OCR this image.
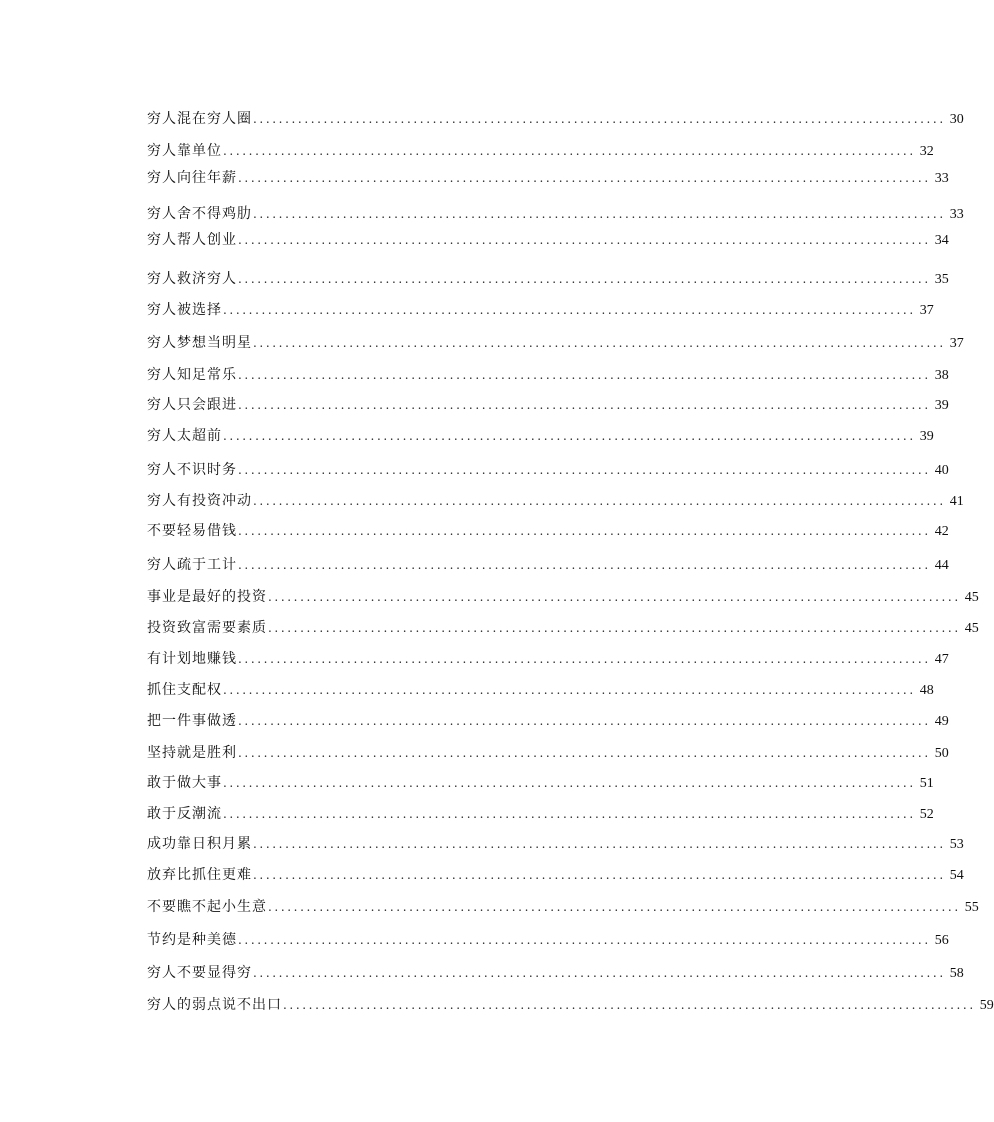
穷人混在穷人圈 ............................................................................................................ 30
穷人靠单位 ............................................................................................................ 32
穷人向往年薪 ............................................................................................................ 33
穷人舍不得鸡肋 ............................................................................................................ 33
穷人帮人创业 ............................................................................................................ 34
穷人救济穷人 ............................................................................................................ 35
穷人被选择 ............................................................................................................ 37
穷人梦想当明星 ............................................................................................................ 37
穷人知足常乐 ............................................................................................................ 38
穷人只会跟进 ............................................................................................................ 39
穷人太超前 ............................................................................................................ 39
穷人不识时务 ............................................................................................................ 40
穷人有投资冲动 ............................................................................................................ 41
不要轻易借钱 ............................................................................................................ 42
穷人疏于工计 ............................................................................................................ 44
事业是最好的投资 ............................................................................................................ 45
投资致富需要素质 ............................................................................................................ 45
有计划地赚钱 ............................................................................................................ 47
抓住支配权 ............................................................................................................ 48
把一件事做透 ............................................................................................................ 49
坚持就是胜利 ............................................................................................................ 50
敢于做大事 ............................................................................................................ 51
敢于反潮流 ............................................................................................................ 52
成功靠日积月累 ............................................................................................................ 53
放弃比抓住更难 ............................................................................................................ 54
不要瞧不起小生意 ............................................................................................................ 55
节约是种美德 ............................................................................................................ 56
穷人不要显得穷 ............................................................................................................ 58
穷人的弱点说不出口 ............................................................................................................ 59
